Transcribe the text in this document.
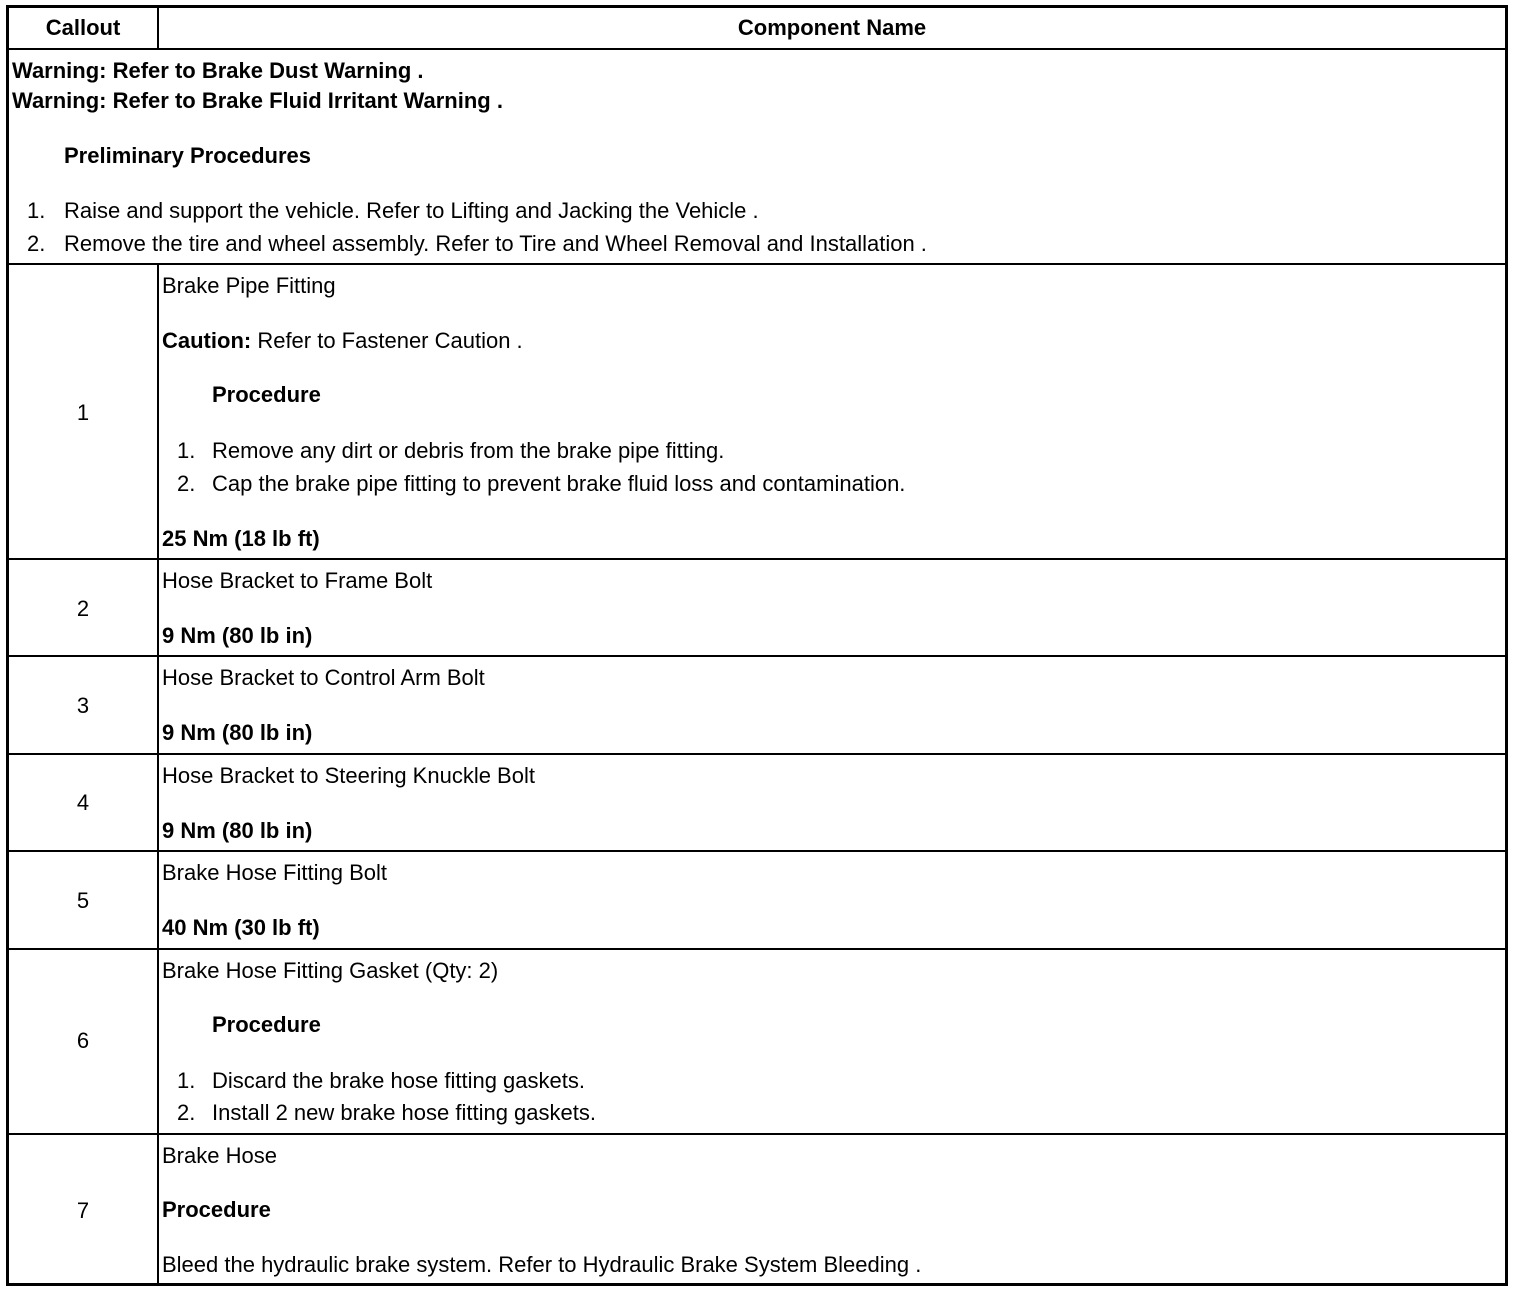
Callout	Component Name
Warning: Refer to Brake Dust Warning .
Warning: Refer to Brake Fluid Irritant Warning .
Preliminary Procedures
1. Raise and support the vehicle. Refer to Lifting and Jacking the Vehicle .
2. Remove the tire and wheel assembly. Refer to Tire and Wheel Removal and Installation .
1
Brake Pipe Fitting
Caution: Refer to Fastener Caution .
Procedure
1. Remove any dirt or debris from the brake pipe fitting.
2. Cap the brake pipe fitting to prevent brake fluid loss and contamination.
25 Nm (18 lb ft)
2
Hose Bracket to Frame Bolt
9 Nm (80 lb in)
3
Hose Bracket to Control Arm Bolt
9 Nm (80 lb in)
4
Hose Bracket to Steering Knuckle Bolt
9 Nm (80 lb in)
5
Brake Hose Fitting Bolt
40 Nm (30 lb ft)
6
Brake Hose Fitting Gasket (Qty: 2)
Procedure
1. Discard the brake hose fitting gaskets.
2. Install 2 new brake hose fitting gaskets.
7
Brake Hose
Procedure
Bleed the hydraulic brake system. Refer to Hydraulic Brake System Bleeding .
